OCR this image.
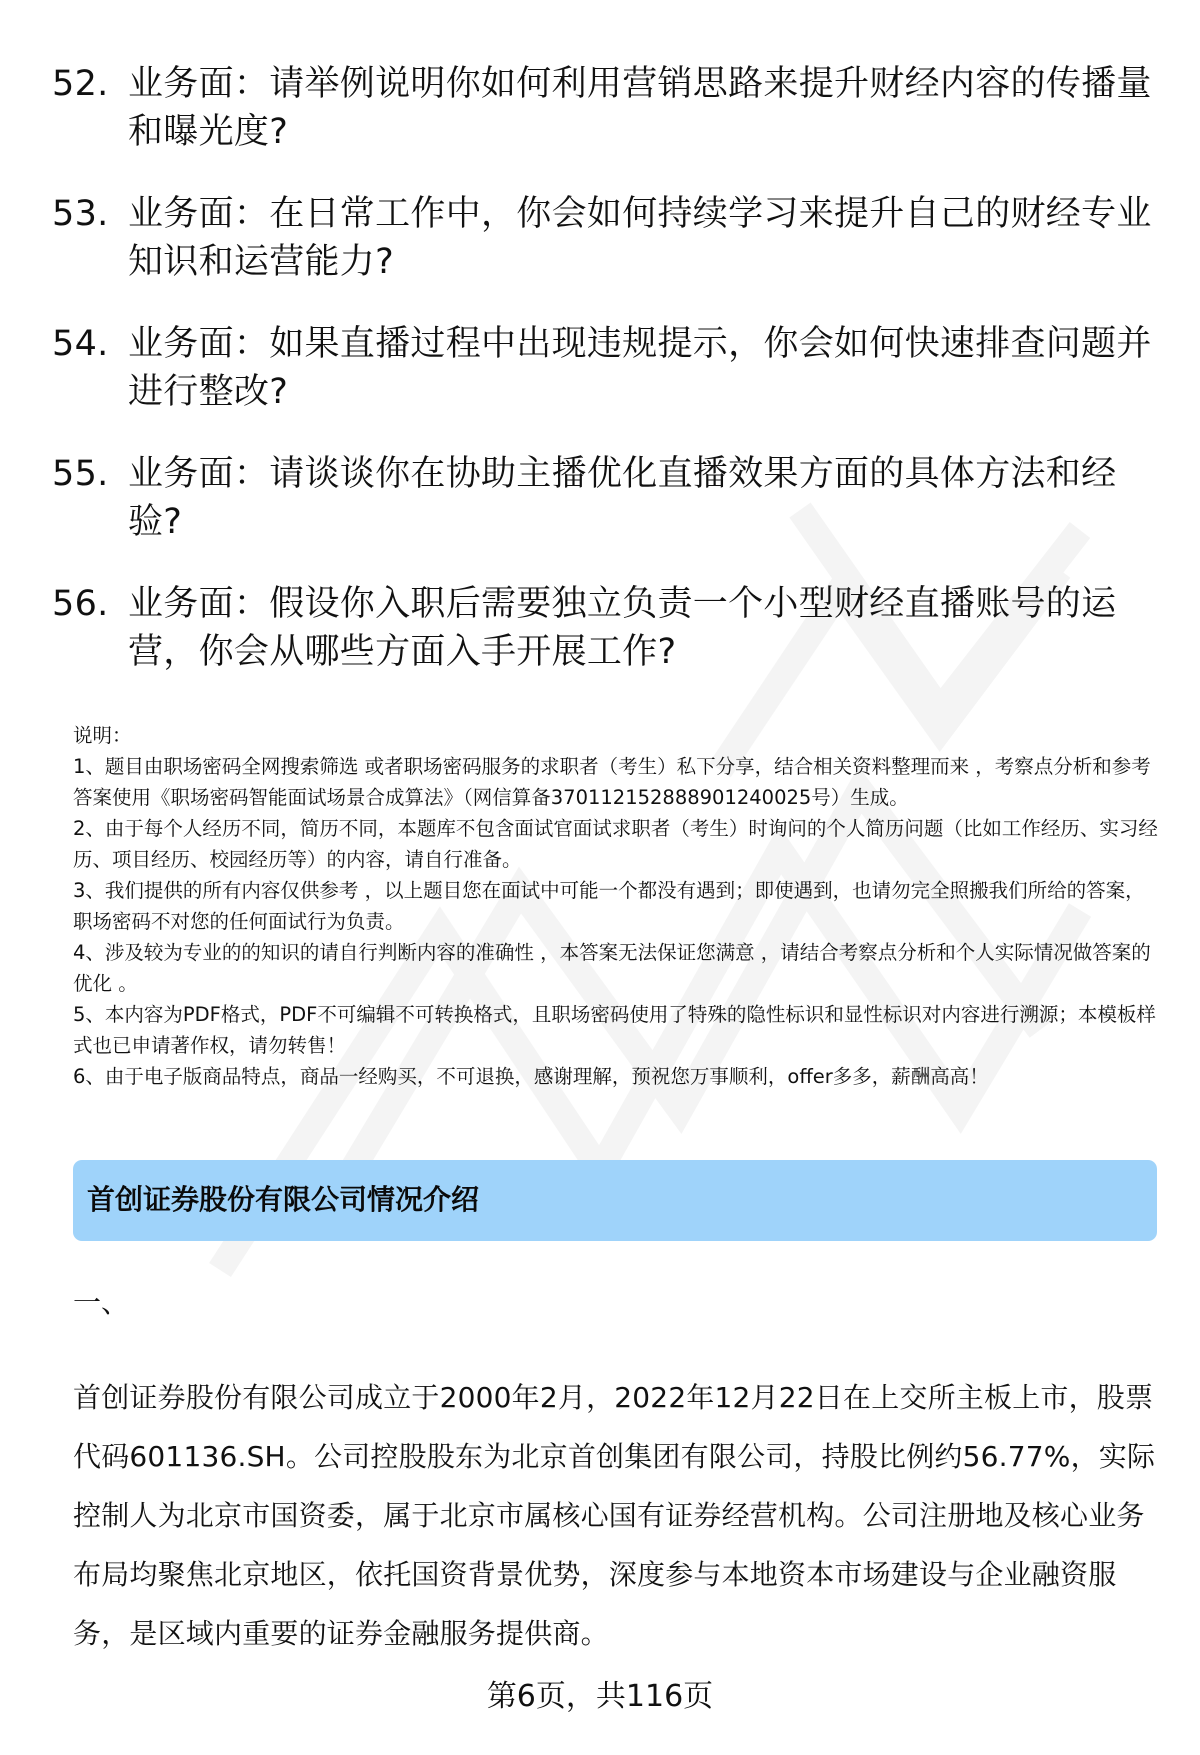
52. 业务面：请举例说明你如何利用营销思路来提升财经内容的传播量和曝光度?
53. 业务面：在日常工作中，你会如何持续学习来提升自己的财经专业知识和运营能力?
54. 业务面：如果直播过程中出现违规提示，你会如何快速排查问题并进行整改?
55. 业务面：请谈谈你在协助主播优化直播效果方面的具体方法和经验?
56. 业务面：假设你入职后需要独立负责一个小型财经直播账号的运营，你会从哪些方面入手开展工作?

说明：

1、题目由职场密码全网搜索筛选 或者职场密码服务的求职者（考生）私下分享，结合相关资料整理而来 ，考察点分析和参考答案使用《职场密码智能面试场景合成算法》（网信算备370112152888901240025号）生成。

2、由于每个人经历不同，简历不同，本题库不包含面试官面试求职者（考生）时询问的个人简历问题（比如工作经历、实习经历、项目经历、校园经历等）的内容，请自行准备。

3、我们提供的所有内容仅供参考 ，以上题目您在面试中可能一个都没有遇到；即使遇到，也请勿完全照搬我们所给的答案，职场密码不对您的任何面试行为负责。

4、涉及较为专业的的知识的请自行判断内容的准确性 ，本答案无法保证您满意 ，请结合考察点分析和个人实际情况做答案的优化 。

5、本内容为PDF格式，PDF不可编辑不可转换格式，且职场密码使用了特殊的隐性标识和显性标识对内容进行溯源；本模板样式也已申请著作权，请勿转售！

6、由于电子版商品特点，商品一经购买，不可退换，感谢理解，预祝您万事顺利，offer多多，薪酬高高！

首创证券股份有限公司情况介绍
一、
首创证券股份有限公司成立于2000年2月，2022年12月22日在上交所主板上市，股票代码601136.SH。公司控股股东为北京首创集团有限公司，持股比例约56.77%，实际控制人为北京市国资委，属于北京市属核心国有证券经营机构。公司注册地及核心业务布局均聚焦北京地区，依托国资背景优势，深度参与本地资本市场建设与企业融资服务，是区域内重要的证券金融服务提供商。
第6页，共116页
